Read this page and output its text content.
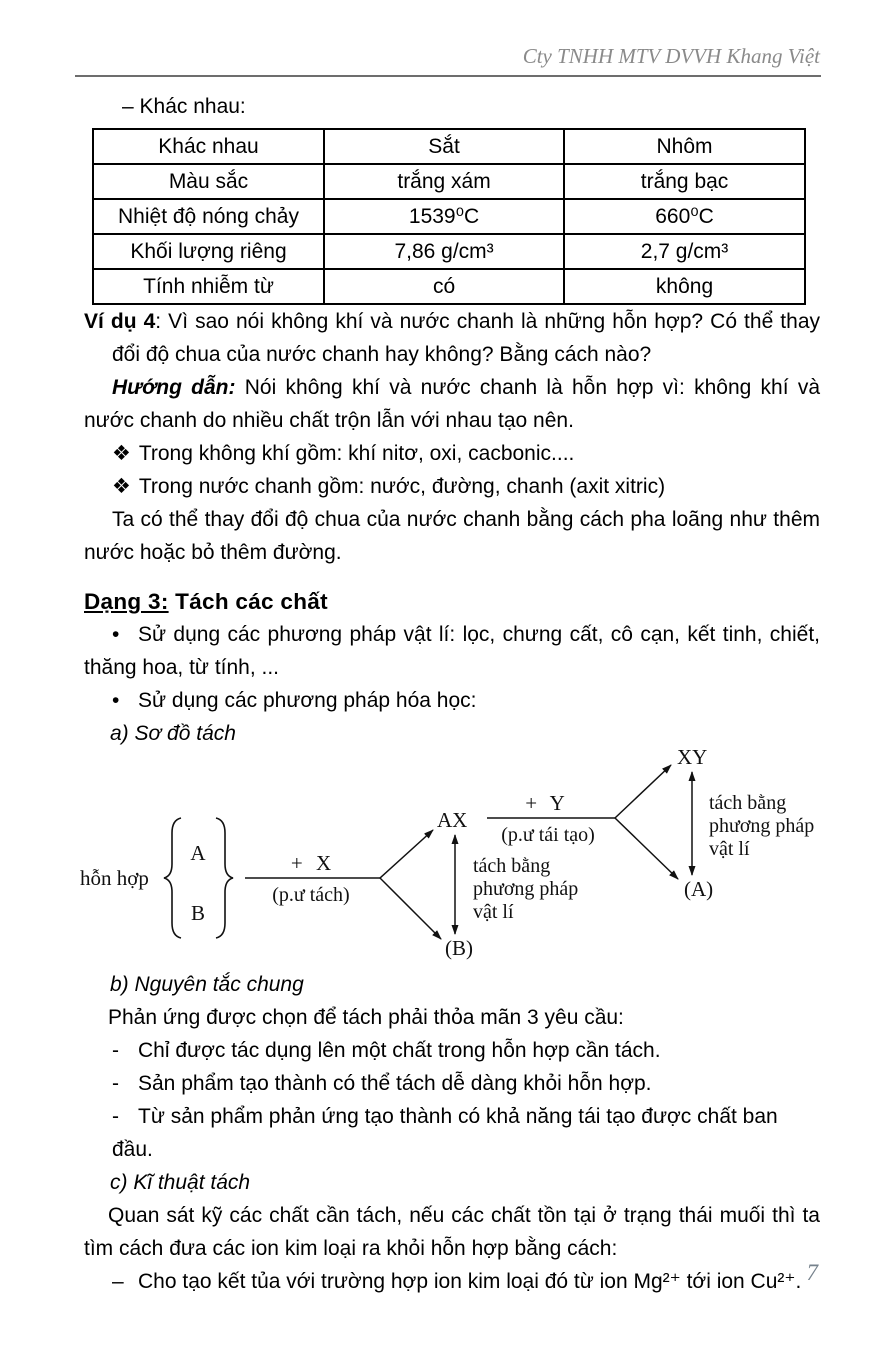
Cty TNHH MTV DVVH Khang Việt
– Khác nhau:
Khác nhau	Sắt	Nhôm
Màu sắc	trắng xám	trắng bạc
Nhiệt độ nóng chảy	1539⁰C	660⁰C
Khối lượng riêng	7,86 g/cm³	2,7 g/cm³
Tính nhiễm từ	có	không
Ví dụ 4: Vì sao nói không khí và nước chanh là những hỗn hợp? Có thể thay đổi độ chua của nước chanh hay không? Bằng cách nào?
Hướng dẫn: Nói không khí và nước chanh là hỗn hợp vì: không khí và nước chanh do nhiều chất trộn lẫn với nhau tạo nên.
❖ Trong không khí gồm: khí nitơ, oxi, cacbonic....
❖ Trong nước chanh gồm: nước, đường, chanh (axit xitric)
Ta có thể thay đổi độ chua của nước chanh bằng cách pha loãng như thêm nước hoặc bỏ thêm đường.
Dạng 3: Tách các chất
• Sử dụng các phương pháp vật lí: lọc, chưng cất, cô cạn, kết tinh, chiết, thăng hoa, từ tính, ...
• Sử dụng các phương pháp hóa học:
a) Sơ đồ tách
hỗn hợp
A
B
+ X
(p.ư tách)
AX
(B)
tách bằng
phương pháp
vật lí
+ Y
(p.ư tái tạo)
XY
(A)
tách bằng
phương pháp
vật lí
b) Nguyên tắc chung
Phản ứng được chọn để tách phải thỏa mãn 3 yêu cầu:
- Chỉ được tác dụng lên một chất trong hỗn hợp cần tách.
- Sản phẩm tạo thành có thể tách dễ dàng khỏi hỗn hợp.
- Từ sản phẩm phản ứng tạo thành có khả năng tái tạo được chất ban đầu.
c) Kĩ thuật tách
Quan sát kỹ các chất cần tách, nếu các chất tồn tại ở trạng thái muối thì ta tìm cách đưa các ion kim loại ra khỏi hỗn hợp bằng cách:
– Cho tạo kết tủa với trường hợp ion kim loại đó từ ion Mg²⁺ tới ion Cu²⁺. 7
